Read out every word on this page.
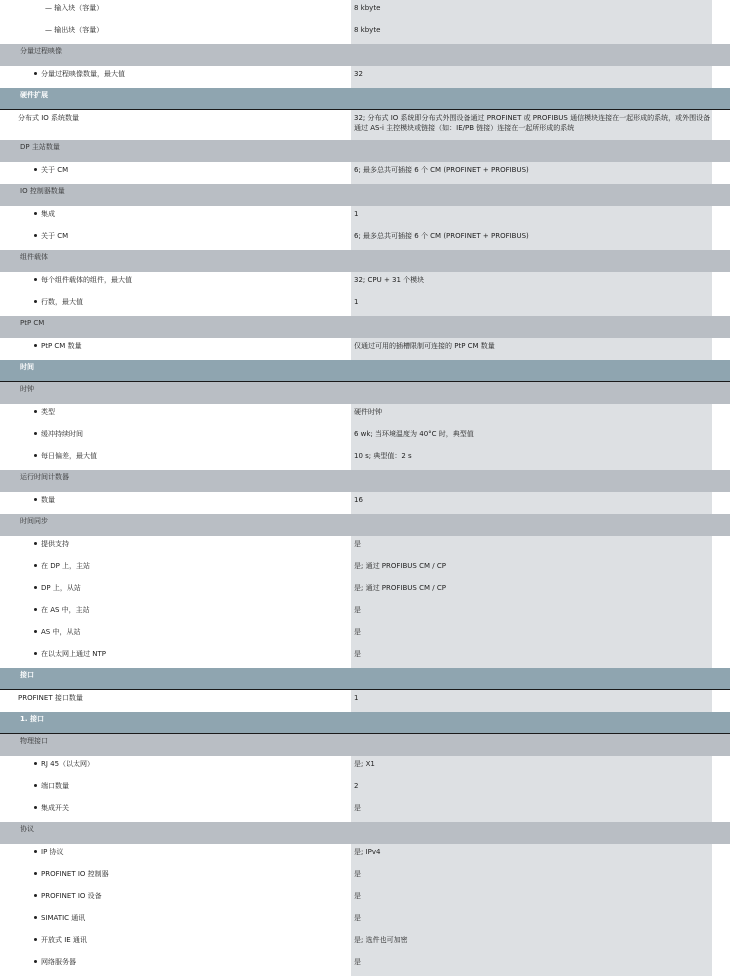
— 输入块（容量）	8 kbyte
— 输出块（容量）	8 kbyte
分量过程映像
分量过程映像数量，最大值	32
硬件扩展
分布式 IO 系统数量	32; 分布式 IO 系统即分布式外围设备通过 PROFINET 或 PROFIBUS 通信模块连接在一起形成的系统，或外围设备通过 AS-i 主控模块或链接（如：IE/PB 链接）连接在一起所形成的系统
DP 主站数量
关于 CM	6; 最多总共可插接 6 个 CM (PROFINET + PROFIBUS)
IO 控制器数量
集成	1
关于 CM	6; 最多总共可插接 6 个 CM (PROFINET + PROFIBUS)
组件载体
每个组件载体的组件，最大值	32; CPU + 31 个模块
行数，最大值	1
PtP CM
PtP CM 数量	仅通过可用的插槽限制可连接的 PtP CM 数量
时间
时钟
类型	硬件时钟
缓冲持续时间	6 wk; 当环境温度为 40°C 时，典型值
每日偏差，最大值	10 s; 典型值：2 s
运行时间计数器
数量	16
时间同步
提供支持	是
在 DP 上，主站	是; 通过 PROFIBUS CM / CP
DP 上，从站	是; 通过 PROFIBUS CM / CP
在 AS 中，主站	是
AS 中，从站	是
在以太网上通过 NTP	是
接口
PROFINET 接口数量	1
1. 接口
物理接口
RJ 45（以太网）	是; X1
端口数量	2
集成开关	是
协议
IP 协议	是; IPv4
PROFINET IO 控制器	是
PROFINET IO 设备	是
SIMATIC 通讯	是
开放式 IE 通讯	是; 选件也可加密
网络服务器	是
